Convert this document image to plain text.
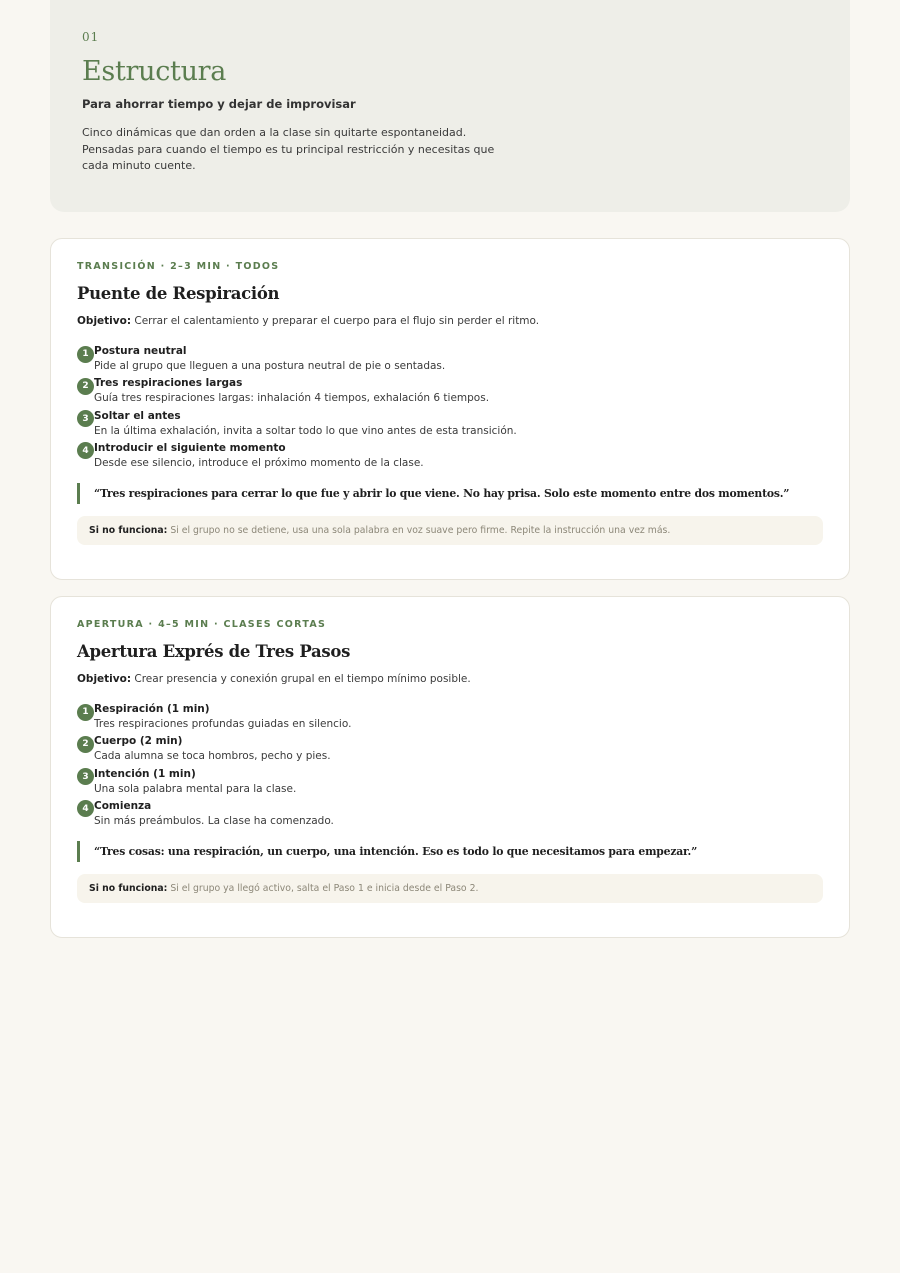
01
Estructura
Para ahorrar tiempo y dejar de improvisar

Cinco dinámicas que dan orden a la clase sin quitarte espontaneidad. Pensadas para cuando el tiempo es tu principal restricción y necesitas que cada minuto cuente.

TRANSICIÓN · 2–3 MIN · TODOS
Puente de Respiración

Objetivo: Cerrar el calentamiento y preparar el cuerpo para el flujo sin perder el ritmo.

1 Postura neutral
Pide al grupo que lleguen a una postura neutral de pie o sentadas.
2 Tres respiraciones largas
Guía tres respiraciones largas: inhalación 4 tiempos, exhalación 6 tiempos.
3 Soltar el antes
En la última exhalación, invita a soltar todo lo que vino antes de esta transición.
4 Introducir el siguiente momento
Desde ese silencio, introduce el próximo momento de la clase.
“Tres respiraciones para cerrar lo que fue y abrir lo que viene. No hay prisa. Solo este momento entre dos momentos.”
Si no funciona: Si el grupo no se detiene, usa una sola palabra en voz suave pero firme. Repite la instrucción una vez más.
APERTURA · 4–5 MIN · CLASES CORTAS
Apertura Exprés de Tres Pasos

Objetivo: Crear presencia y conexión grupal en el tiempo mínimo posible.

1 Respiración (1 min)
Tres respiraciones profundas guiadas en silencio.
2 Cuerpo (2 min)
Cada alumna se toca hombros, pecho y pies.
3 Intención (1 min)
Una sola palabra mental para la clase.
4 Comienza
Sin más preámbulos. La clase ha comenzado.
“Tres cosas: una respiración, un cuerpo, una intención. Eso es todo lo que necesitamos para empezar.”
Si no funciona: Si el grupo ya llegó activo, salta el Paso 1 e inicia desde el Paso 2.
